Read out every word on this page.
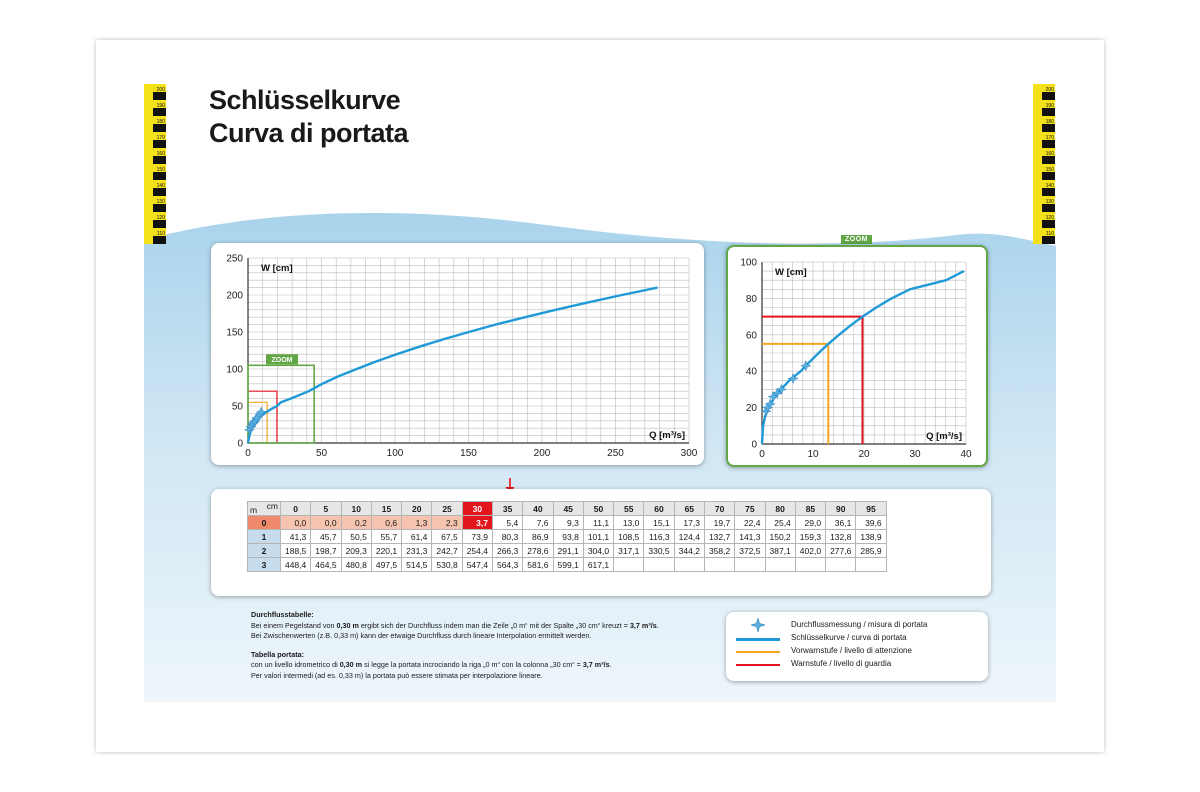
200
190
180
170
160
150
140
130
120
110
200
190
180
170
160
150
140
130
120
110
Schlüsselkurve
Curva di portata
0	50	100	150	200	250	300
0
50
100
150
200
250
W [cm]
Q [m³/s]
ZOOM
ZOOM
0	10	20	30	40
0
20
40
60
80
100
W [cm]
Q [m³/s]
m cm	0	5	10	15	20	25	30	35	40	45	50	55	60	65	70	75	80	85	90	95
0	0,0	0,0	0,2	0,6	1,3	2,3	3,7	5,4	7,6	9,3	11,1	13,0	15,1	17,3	19,7	22,4	25,4	29,0	36,1	39,6
1	41,3	45,7	50,5	55,7	61,4	67,5	73,9	80,3	86,9	93,8	101,1	108,5	116,3	124,4	132,7	141,3	150,2	159,3	132,8	138,9
2	188,5	198,7	209,3	220,1	231,3	242,7	254,4	266,3	278,6	291,1	304,0	317,1	330,5	344,2	358,2	372,5	387,1	402,0	277,6	285,9
3	448,4	464,5	480,8	497,5	514,5	530,8	547,4	564,3	581,6	599,1	617,1									
Durchflusstabelle:
Bei einem Pegelstand von 0,30 m ergibt sich der Durchfluss indem man die Zeile „0 m“ mit der Spalte „30 cm“ kreuzt = 3,7 m³/s.
Bei Zwischenwerten (z.B. 0,33 m) kann der etwaige Durchfluss durch lineare Interpolation ermittelt werden.
Tabella portata:
con un livello idrometrico di 0,30 m si legge la portata incrociando la riga „0 m“ con la colonna „30 cm“ = 3,7 m³/s.
Per valori intermedi (ad es. 0,33 m) la portata può essere stimata per interpolazione lineare.
Durchflussmessung / misura di portata
Schlüsselkurve / curva di portata
Vorwarnstufe / livello di attenzione
Warnstufe / livello di guardia
